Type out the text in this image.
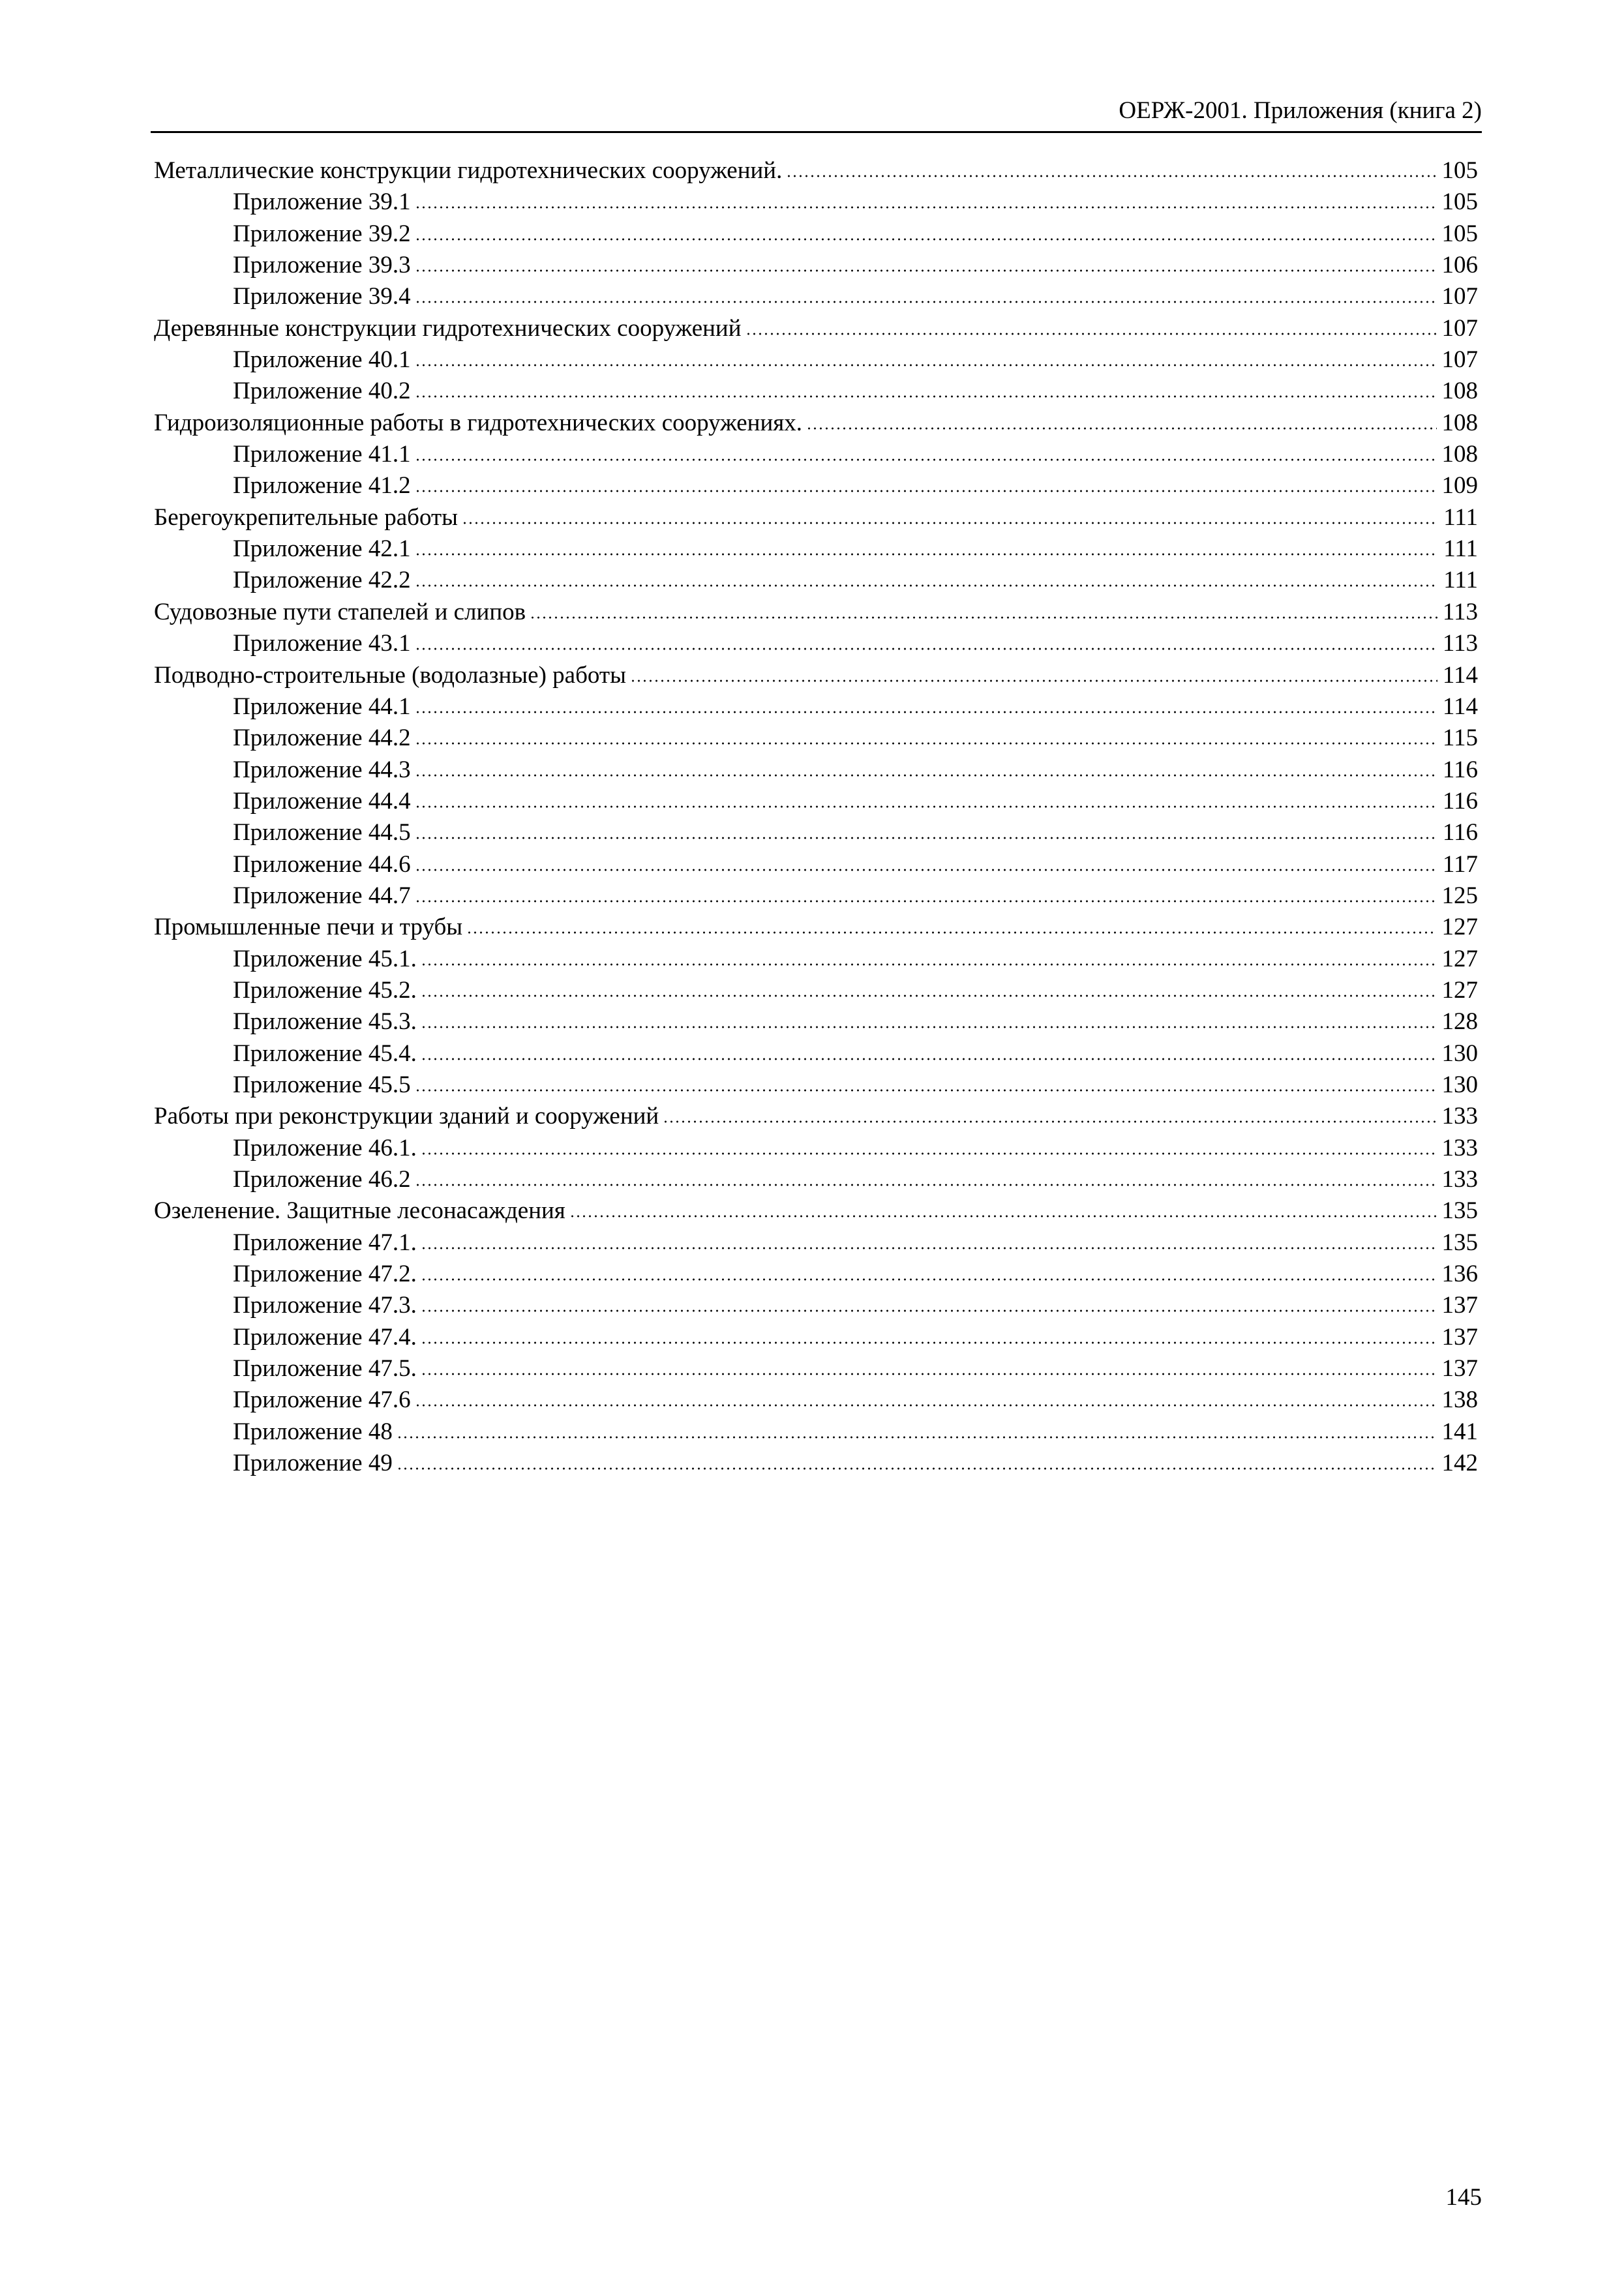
ОЕРЖ-2001. Приложения (книга 2)
Металлические конструкции гидротехнических сооружений.	105
Приложение 39.1	105
Приложение 39.2	105
Приложение 39.3	106
Приложение 39.4	107
Деревянные конструкции гидротехнических сооружений	107
Приложение 40.1	107
Приложение 40.2	108
Гидроизоляционные работы в гидротехнических сооружениях.	108
Приложение 41.1	108
Приложение 41.2	109
Берегоукрепительные работы	111
Приложение 42.1	111
Приложение 42.2	111
Судовозные пути стапелей и слипов	113
Приложение 43.1	113
Подводно-строительные (водолазные) работы	114
Приложение 44.1	114
Приложение 44.2	115
Приложение 44.3	116
Приложение 44.4	116
Приложение 44.5	116
Приложение 44.6	117
Приложение 44.7	125
Промышленные печи и трубы	127
Приложение 45.1.	127
Приложение 45.2.	127
Приложение 45.3.	128
Приложение 45.4.	130
Приложение 45.5	130
Работы при реконструкции зданий и сооружений	133
Приложение 46.1.	133
Приложение 46.2	133
Озеленение. Защитные лесонасаждения	135
Приложение 47.1.	135
Приложение 47.2.	136
Приложение 47.3.	137
Приложение 47.4.	137
Приложение 47.5.	137
Приложение 47.6	138
Приложение 48	141
Приложение 49	142
145
